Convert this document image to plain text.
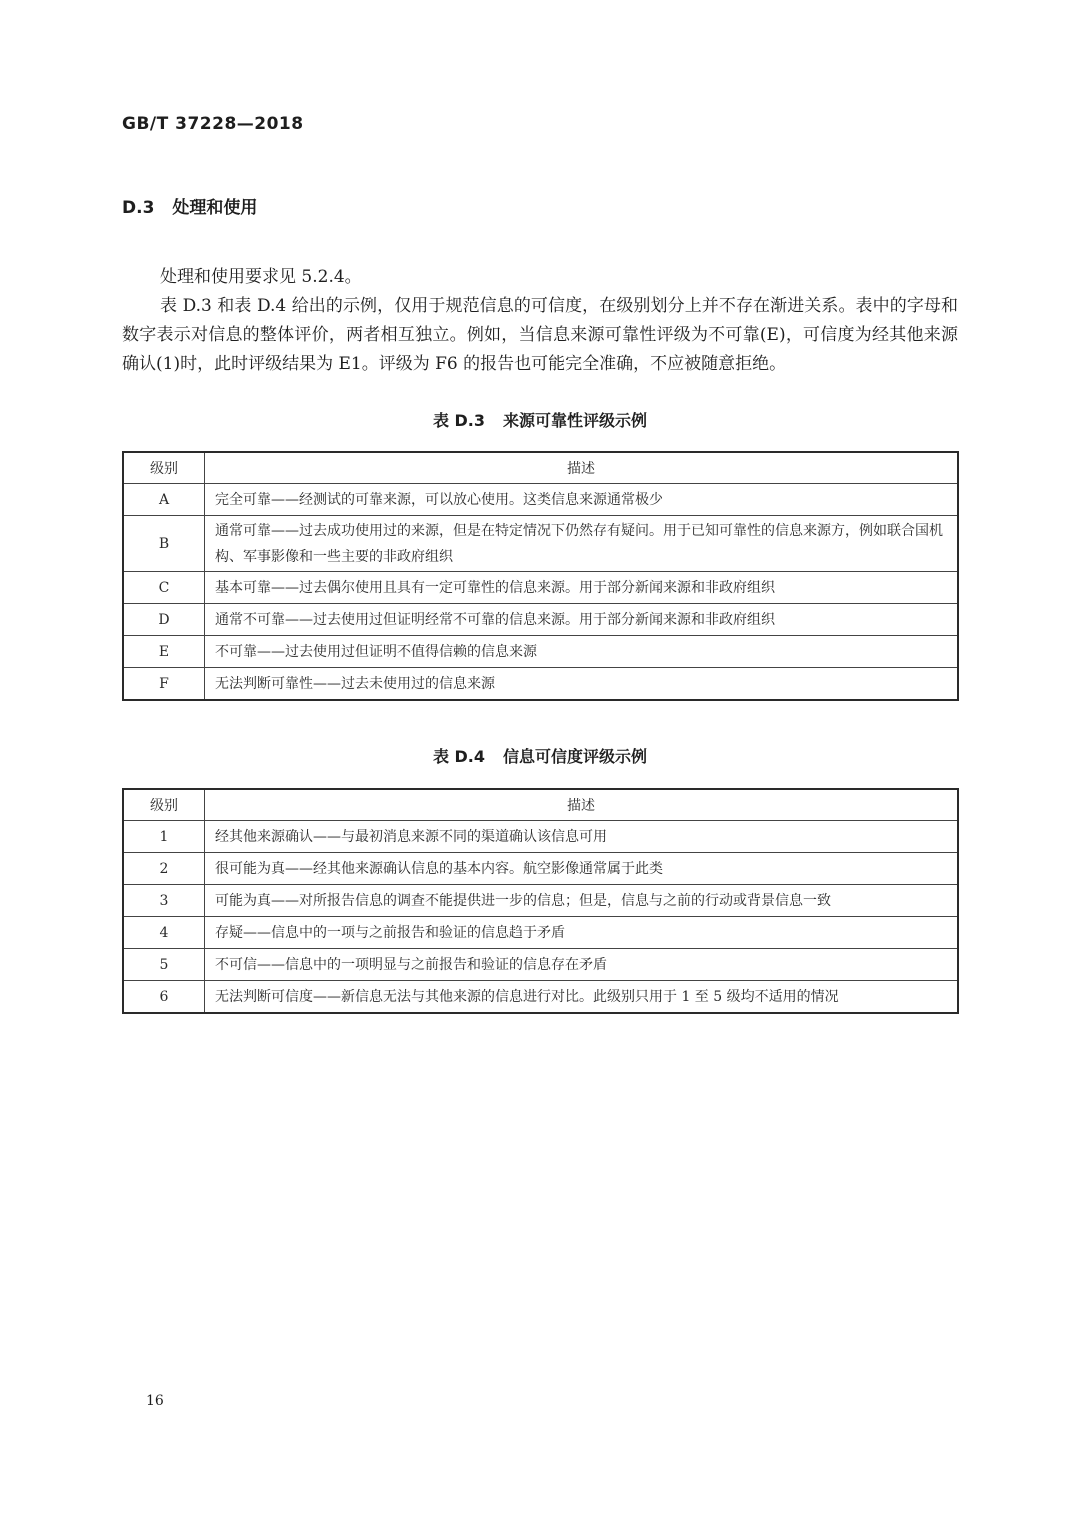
GB/T 37228—2018
D.3 处理和使用

处理和使用要求见 5.2.4。

表 D.3 和表 D.4 给出的示例，仅用于规范信息的可信度，在级别划分上并不存在渐进关系。表中的字母和数字表示对信息的整体评价，两者相互独立。例如，当信息来源可靠性评级为不可靠(E)，可信度为经其他来源确认(1)时，此时评级结果为 E1。评级为 F6 的报告也可能完全准确，不应被随意拒绝。

表 D.3 来源可靠性评级示例
级别	描述
A	完全可靠——经测试的可靠来源，可以放心使用。这类信息来源通常极少
B	通常可靠——过去成功使用过的来源，但是在特定情况下仍然存有疑问。用于已知可靠性的信息来源方，例如联合国机构、军事影像和一些主要的非政府组织
C	基本可靠——过去偶尔使用且具有一定可靠性的信息来源。用于部分新闻来源和非政府组织
D	通常不可靠——过去使用过但证明经常不可靠的信息来源。用于部分新闻来源和非政府组织
E	不可靠——过去使用过但证明不值得信赖的信息来源
F	无法判断可靠性——过去未使用过的信息来源
表 D.4 信息可信度评级示例
级别	描述
1	经其他来源确认——与最初消息来源不同的渠道确认该信息可用
2	很可能为真——经其他来源确认信息的基本内容。航空影像通常属于此类
3	可能为真——对所报告信息的调查不能提供进一步的信息；但是，信息与之前的行动或背景信息一致
4	存疑——信息中的一项与之前报告和验证的信息趋于矛盾
5	不可信——信息中的一项明显与之前报告和验证的信息存在矛盾
6	无法判断可信度——新信息无法与其他来源的信息进行对比。此级别只用于 1 至 5 级均不适用的情况
16
